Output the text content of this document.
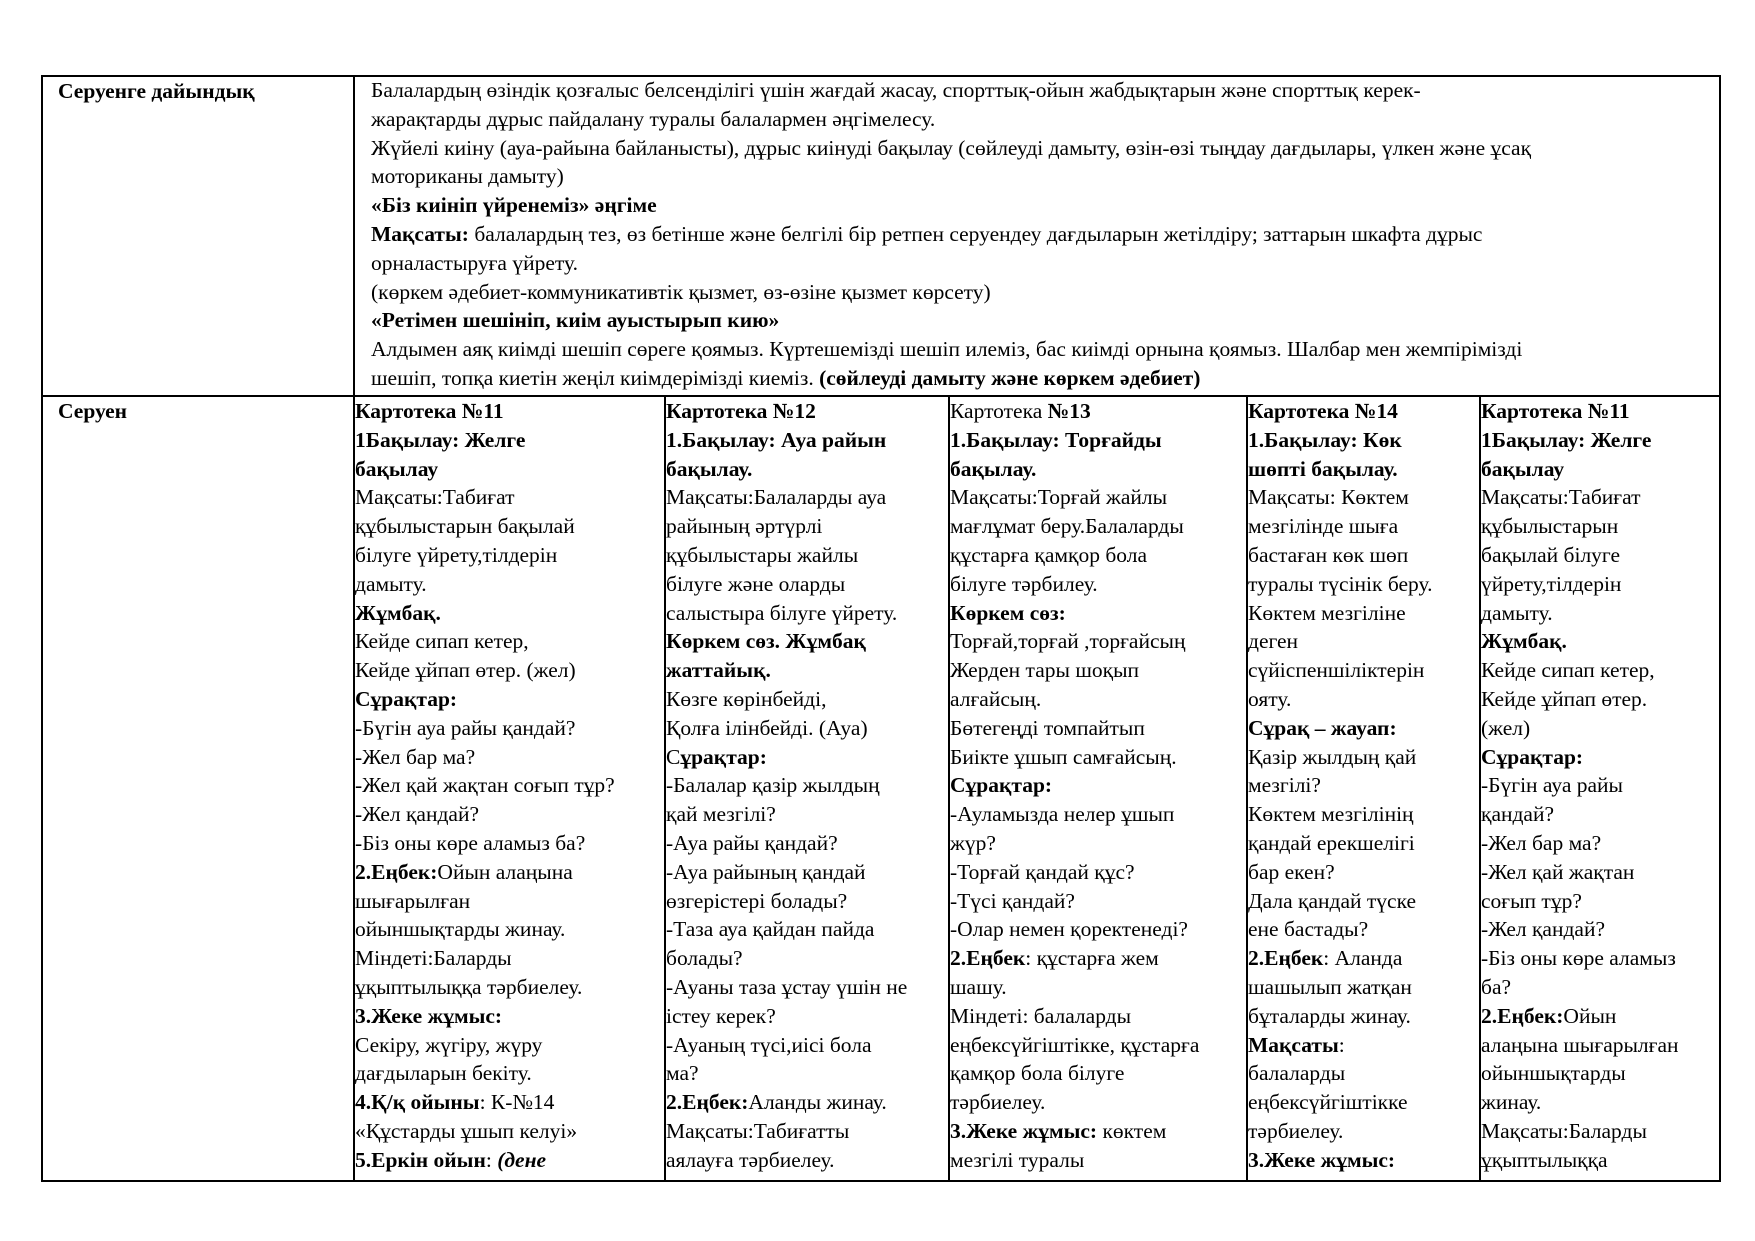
Серуенге дайындық	Балалардың өзіндік қозғалыс белсенділігі үшін жағдай жасау, спорттық-ойын жабдықтарын және спорттық керек-
жарақтарды дұрыс пайдалану туралы балалармен әңгімелесу.
Жүйелі киіну (ауа-райына байланысты), дұрыс киінуді бақылау (сөйлеуді дамыту, өзін-өзі тыңдау дағдылары, үлкен және ұсақ
моториканы дамыту)
«Біз киініп үйренеміз» әңгіме
Мақсаты: балалардың тез, өз бетінше және белгілі бір ретпен серуендеу дағдыларын жетілдіру; заттарын шкафта дұрыс
орналастыруға үйрету.
(көркем әдебиет-коммуникативтік қызмет, өз-өзіне қызмет көрсету)
«Ретімен шешініп, киім ауыстырып кию»
Алдымен аяқ киімді шешіп сөреге қоямыз. Күртешемізді шешіп илеміз, бас киімді орнына қоямыз. Шалбар мен жемпірімізді
шешіп, топқа киетін жеңіл киімдерімізді киеміз. (сөйлеуді дамыту және көркем әдебиет)
Серуен	Картотека №11
1Бақылау: Желге
бақылау
Мақсаты:Табиғат
құбылыстарын бақылай
білуге үйрету,тілдерін
дамыту.
Жұмбақ.
Кейде сипап кетер,
Кейде ұйпап өтер. (жел)
Сұрақтар:
-Бүгін ауа райы қандай?
-Жел бар ма?
-Жел қай жақтан соғып тұр?
-Жел қандай?
-Біз оны көре аламыз ба?
2.Еңбек:Ойын алаңына
шығарылған
ойыншықтарды жинау.
Міндеті:Баларды
ұқыптылыққа тәрбиелеу.
3.Жеке жұмыс:
Секіру, жүгіру, жүру
дағдыларын бекіту.
4.Қ/қ ойыны: К-№14
«Құстарды ұшып келуі»
5.Еркін ойын: (дене
Картотека №12
1.Бақылау: Ауа райын
бақылау.
Мақсаты:Балаларды ауа
райының әртүрлі
құбылыстары жайлы
білуге және оларды
салыстыра білуге үйрету.
Көркем сөз. Жұмбақ
жаттайық.
Көзге көрінбейді,
Қолға ілінбейді. (Ауа)
Сұрақтар:
-Балалар қазір жылдың
қай мезгілі?
-Ауа райы қандай?
-Ауа райының қандай
өзгерістері болады?
-Таза ауа қайдан пайда
болады?
-Ауаны таза ұстау үшін не
істеу керек?
-Ауаның түсі,иісі бола
ма?
2.Еңбек:Аланды жинау.
Мақсаты:Табиғатты
аялауға тәрбиелеу.
Картотека №13
1.Бақылау: Торғайды
бақылау.
Мақсаты:Торғай жайлы
мағлұмат беру.Балаларды
құстарға қамқор бола
білуге тәрбилеу.
Көркем сөз:
Торғай,торғай ,торғайсың
Жерден тары шоқып
алғайсың.
Бөтегеңді томпайтып
Биікте ұшып самғайсың.
Сұрақтар:
-Ауламызда нелер ұшып
жүр?
-Торғай қандай құс?
-Түсі қандай?
-Олар немен қоректенеді?
2.Еңбек: құстарға жем
шашу.
Міндеті: балаларды
еңбексүйгіштікке, құстарға
қамқор бола білуге
тәрбиелеу.
3.Жеке жұмыс: көктем
мезгілі туралы
Картотека №14
1.Бақылау: Көк
шөпті бақылау.
Мақсаты: Көктем
мезгілінде шыға
бастаған көк шөп
туралы түсінік беру.
Көктем мезгіліне
деген
сүйіспеншіліктерін
ояту.
Сұрақ – жауап:
Қазір жылдың қай
мезгілі?
Көктем мезгілінің
қандай ерекшелігі
бар екен?
Дала қандай түске
ене бастады?
2.Еңбек: Аланда
шашылып жатқан
бұталарды жинау.
Мақсаты:
балаларды
еңбексүйгіштікке
тәрбиелеу.
3.Жеке жұмыс:
Картотека №11
1Бақылау: Желге
бақылау
Мақсаты:Табиғат
құбылыстарын
бақылай білуге
үйрету,тілдерін
дамыту.
Жұмбақ.
Кейде сипап кетер,
Кейде ұйпап өтер.
(жел)
Сұрақтар:
-Бүгін ауа райы
қандай?
-Жел бар ма?
-Жел қай жақтан
соғып тұр?
-Жел қандай?
-Біз оны көре аламыз
ба?
2.Еңбек:Ойын
алаңына шығарылған
ойыншықтарды
жинау.
Мақсаты:Баларды
ұқыптылыққа
